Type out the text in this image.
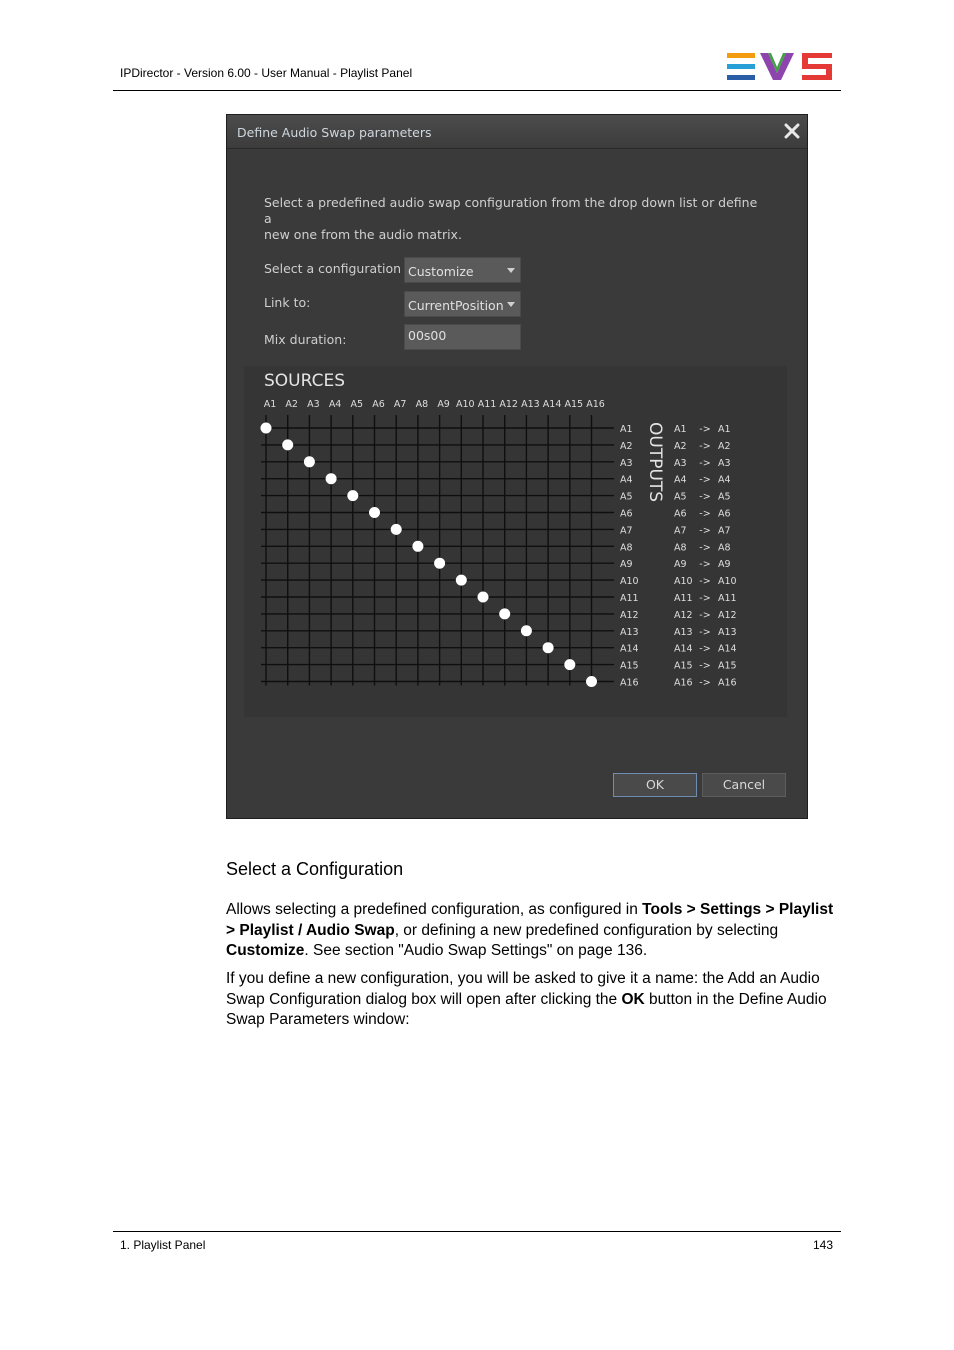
IPDirector - Version 6.00 - User Manual - Playlist Panel
Define Audio Swap parameters
Select a predefined audio swap configuration from the drop down list or define a
new one from the audio matrix.
Select a configuration Customize
Link to:	CurrentPosition
Mix duration:	00s00
SOURCES
OUTPUTS
A1 A2 A3 A4 A5 A6 A7 A8 A9 A10 A11 A12 A13 A14 A15 A16
A1
A2
A3
A4
A5
A6
A7
A8
A9
A10
A11
A12
A13
A14
A15
A16
A1 -> A1
A2 -> A2
A3 -> A3
A4 -> A4
A5 -> A5
A6 -> A6
A7 -> A7
A8 -> A8
A9 -> A9
A10 -> A10
A11 -> A11
A12 -> A12
A13 -> A13
A14 -> A14
A15 -> A15
A16 -> A16
OK	Cancel
Select a Configuration
Allows selecting a predefined configuration, as configured in Tools > Settings > Playlist
> Playlist / Audio Swap, or defining a new predefined configuration by selecting
Customize. See section "Audio Swap Settings" on page 136.
If you define a new configuration, you will be asked to give it a name: the Add an Audio
Swap Configuration dialog box will open after clicking the OK button in the Define Audio
Swap Parameters window:
1. Playlist Panel	143
